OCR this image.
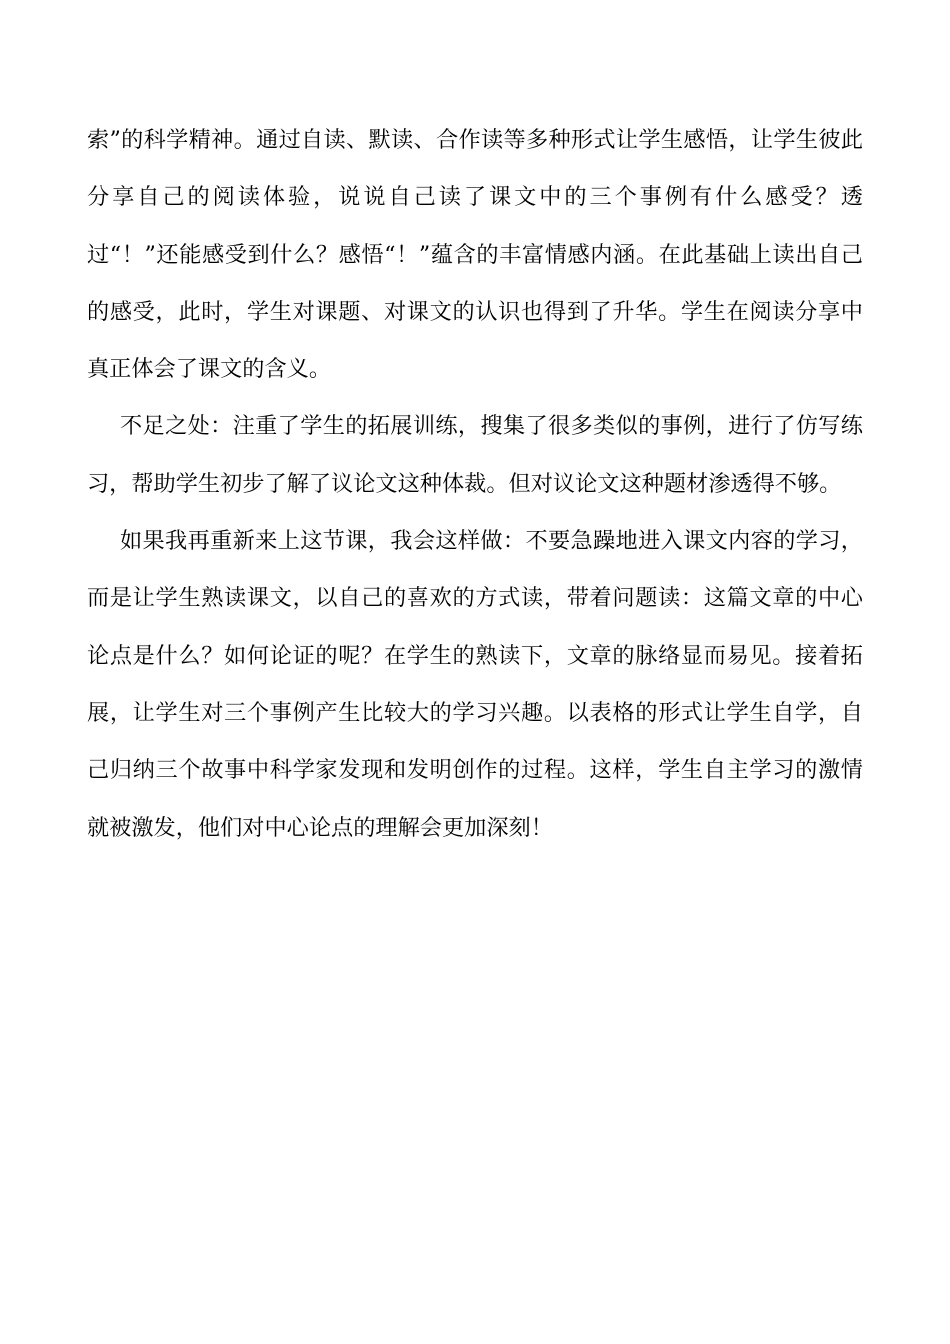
索”的科学精神。通过自读、默读、合作读等多种形式让学生感悟，让学生彼此分享自己的阅读体验，说说自己读了课文中的三个事例有什么感受？透过“！”还能感受到什么？感悟“！”蕴含的丰富情感内涵。在此基础上读出自己的感受，此时，学生对课题、对课文的认识也得到了升华。学生在阅读分享中真正体会了课文的含义。

不足之处：注重了学生的拓展训练，搜集了很多类似的事例，进行了仿写练习，帮助学生初步了解了议论文这种体裁。但对议论文这种题材渗透得不够。

如果我再重新来上这节课，我会这样做：不要急躁地进入课文内容的学习，而是让学生熟读课文，以自己的喜欢的方式读，带着问题读：这篇文章的中心论点是什么？如何论证的呢？在学生的熟读下，文章的脉络显而易见。接着拓展，让学生对三个事例产生比较大的学习兴趣。以表格的形式让学生自学，自己归纳三个故事中科学家发现和发明创作的过程。这样，学生自主学习的激情就被激发，他们对中心论点的理解会更加深刻！
